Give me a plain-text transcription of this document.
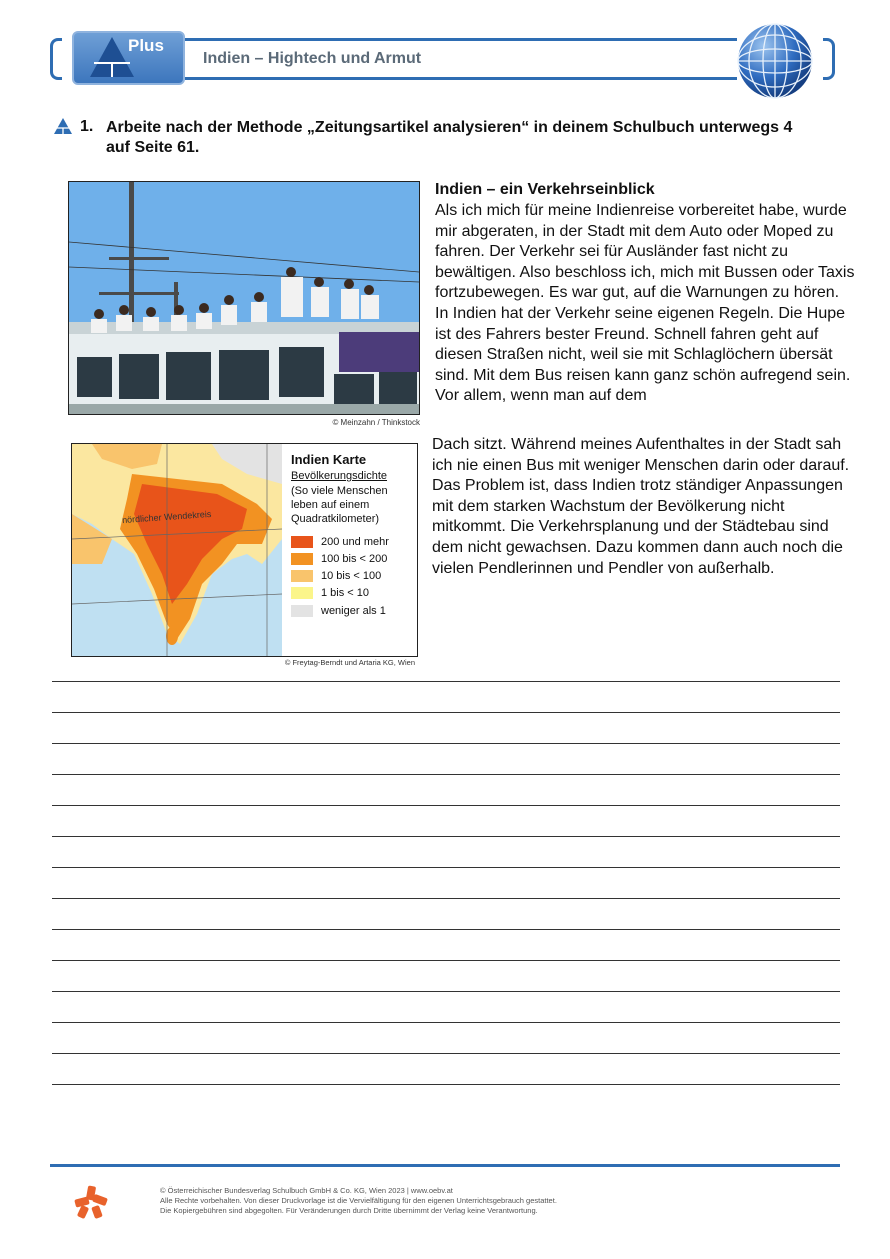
Plus
Indien – Hightech und Armut
1. Arbeite nach der Methode „Zeitungsartikel analysieren“ in deinem Schulbuch unterwegs 4 auf Seite 61.
© Meinzahn / Thinkstock
Indien – ein Verkehrseinblick
Als ich mich für meine Indienreise vorbereitet habe, wurde mir abgeraten, in der Stadt mit dem Auto oder Moped zu fahren. Der Verkehr sei für Ausländer fast nicht zu bewältigen. Also beschloss ich, mich mit Bussen oder Taxis fortzubewegen. Es war gut, auf die Warnungen zu hören. In Indien hat der Verkehr seine eigenen Regeln. Die Hupe ist des Fahrers bester Freund. Schnell fahren geht auf diesen Straßen nicht, weil sie mit Schlaglöchern übersät sind. Mit dem Bus reisen kann ganz schön aufregend sein. Vor allem, wenn man auf dem
Dach sitzt. Während meines Aufenthaltes in der Stadt sah ich nie einen Bus mit weniger Menschen darin oder darauf.
Das Problem ist, dass Indien trotz ständiger Anpassungen mit dem starken Wachstum der Bevölkerung nicht mitkommt. Die Verkehrsplanung und der Städtebau sind dem nicht gewachsen. Dazu kommen dann auch noch die vielen Pendlerinnen und Pendler von außerhalb.
nördlicher Wendekreis
Indien Karte
Bevölkerungsdichte
(So viele Menschen leben auf einem Quadratkilometer)
200 und mehr
100 bis < 200
10 bis < 100
1 bis < 10
weniger als 1
© Freytag-Berndt und Artaria KG, Wien
© Österreichischer Bundesverlag Schulbuch GmbH & Co. KG, Wien 2023 | www.oebv.at
Alle Rechte vorbehalten. Von dieser Druckvorlage ist die Vervielfältigung für den eigenen Unterrichtsgebrauch gestattet.
Die Kopiergebühren sind abgegolten. Für Veränderungen durch Dritte übernimmt der Verlag keine Verantwortung.
